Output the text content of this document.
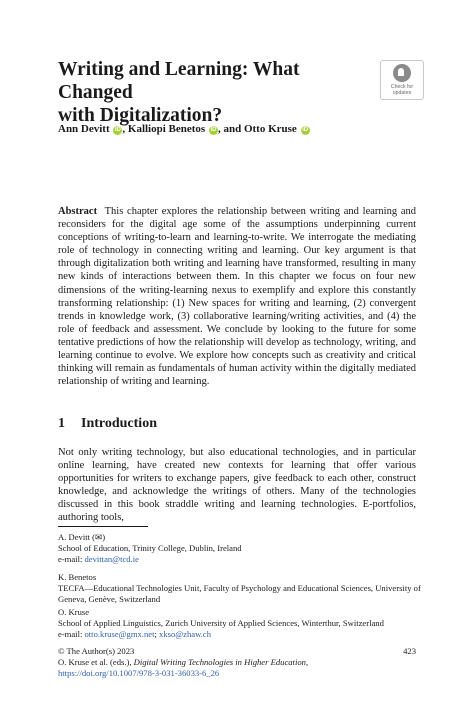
Writing and Learning: What Changed
with Digitalization?
Check for
updates
Ann Devitt iD , Kalliopi Benetos iD , and Otto Kruse iD
Abstract This chapter explores the relationship between writing and learning and reconsiders for the digital age some of the assumptions underpinning current conceptions of writing-to-learn and learning-to-write. We interrogate the mediating role of technology in connecting writing and learning. Our key argument is that through digitalization both writing and learning have transformed, resulting in many new kinds of interactions between them. In this chapter we focus on four new dimensions of the writing-learning nexus to exemplify and explore this constantly transforming relationship: (1) New spaces for writing and learning, (2) convergent trends in knowledge work, (3) collaborative learning/writing activities, and (4) the role of feedback and assessment. We conclude by looking to the future for some tentative predictions of how the relationship will develop as technology, writing, and learning continue to evolve. We explore how concepts such as creativity and critical thinking will remain as fundamentals of human activity within the digitally mediated relationship of writing and learning.
1 Introduction
Not only writing technology, but also educational technologies, and in particular online learning, have created new contexts for learning that offer various opportunities for writers to exchange papers, give feedback to each other, construct knowledge, and acknowledge the writings of others. Many of the technologies discussed in this book straddle writing and learning technologies. E-portfolios, authoring tools,

A. Devitt (✉)

School of Education, Trinity College, Dublin, Ireland

e-mail: devittan@tcd.ie

K. Benetos

TECFA—Educational Technologies Unit, Faculty of Psychology and Educational Sciences, University of Geneva, Genève, Switzerland

O. Kruse

School of Applied Linguistics, Zurich University of Applied Sciences, Winterthur, Switzerland

e-mail: otto.kruse@gmx.net; xkso@zhaw.ch

© The Author(s) 2023	423

O. Kruse et al. (eds.), Digital Writing Technologies in Higher Education,

https://doi.org/10.1007/978-3-031-36033-6_26
